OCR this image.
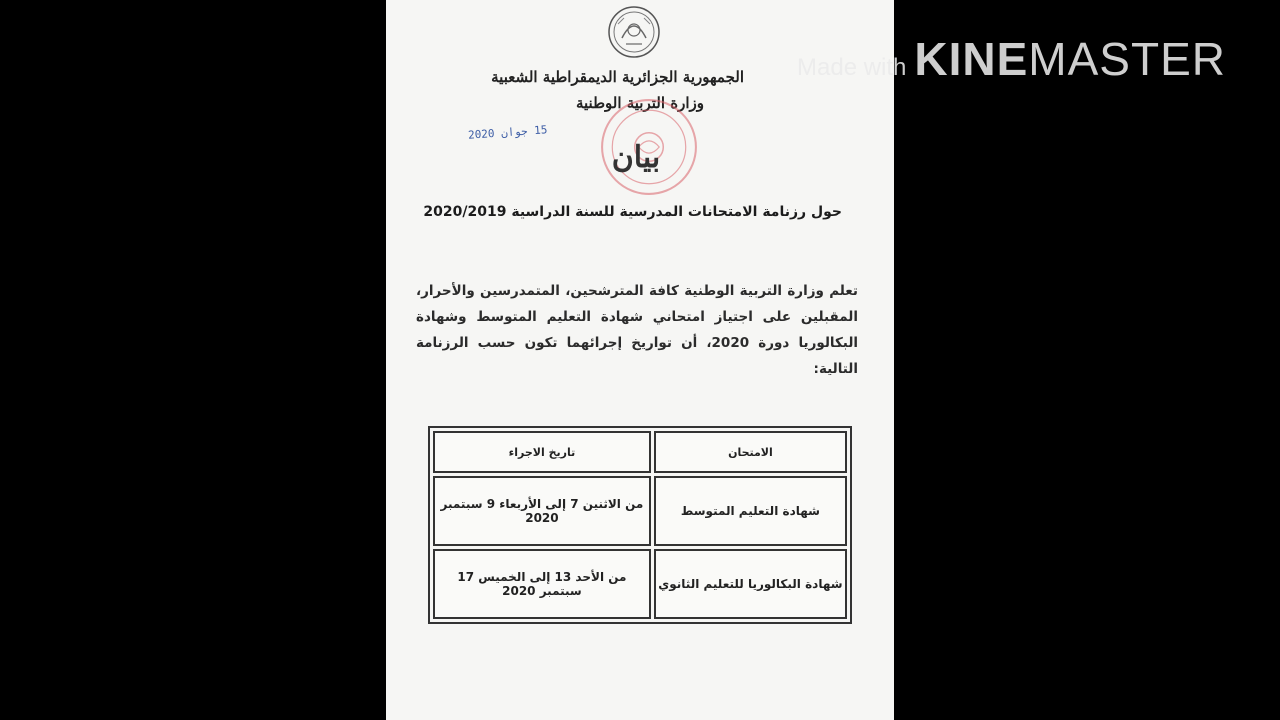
الجمهورية الجزائرية الديمقراطية الشعبية
وزارة التربية الوطنية
15 جوان 2020
بيان
حول رزنامة الامتحانات المدرسية للسنة الدراسية 2020/2019
تعلم وزارة التربية الوطنية كافة المترشحين، المتمدرسين والأحرار، المقبلين على اجتياز امتحاني شهادة التعليم المتوسط وشهادة البكالوريا دورة 2020، أن تواريخ إجرائهما تكون حسب الرزنامة التالية:
الامتحان	تاريخ الاجراء
شهادة التعليم المتوسط	من الاثنين 7 إلى الأربعاء 9 سبتمبر 2020
شهادة البكالوريا للتعليم الثانوي	من الأحد 13 إلى الخميس 17 سبتمبر 2020
Made with KINE MASTER
